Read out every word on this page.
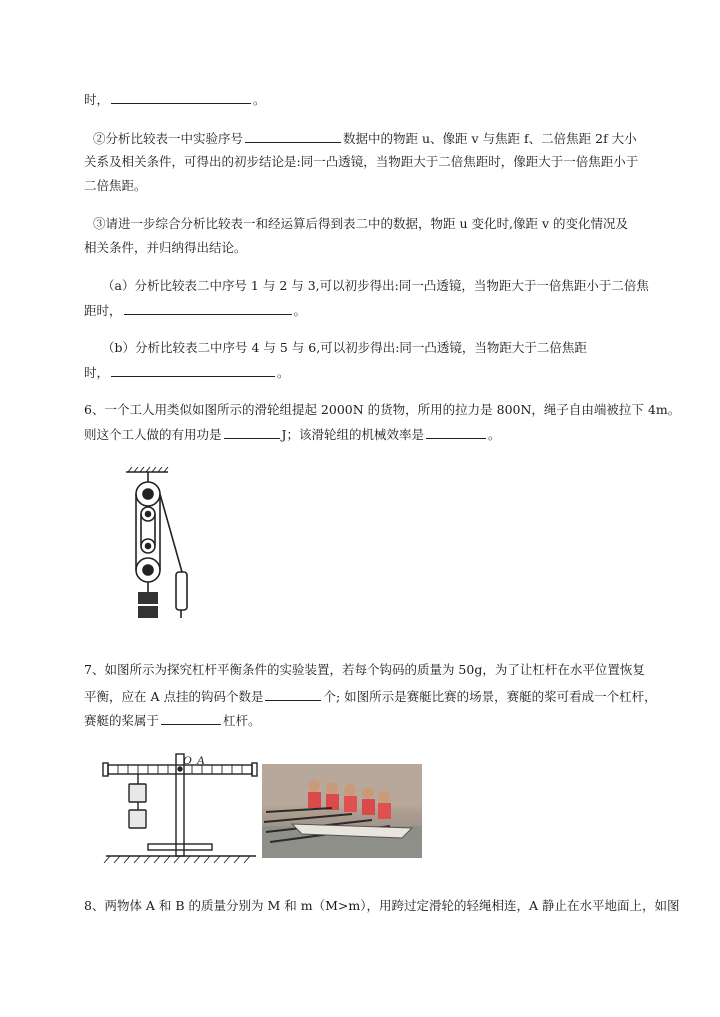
时，	。
②分析比较表一中实验序号	数据中的物距 u、像距 v 与焦距 f、二倍焦距 2f 大小
关系及相关条件，可得出的初步结论是:同一凸透镜，当物距大于二倍焦距时，像距大于一倍焦距小于
二倍焦距。
③请进一步综合分析比较表一和经运算后得到表二中的数据，物距 u 变化时,像距 v 的变化情况及
相关条件，并归纳得出结论。
（a）分析比较表二中序号 1 与 2 与 3,可以初步得出:同一凸透镜，当物距大于一倍焦距小于二倍焦
距时，	。
（b）分析比较表二中序号 4 与 5 与 6,可以初步得出:同一凸透镜，当物距大于二倍焦距
时，	。
6、一个工人用类似如图所示的滑轮组提起 2000N 的货物，所用的拉力是 800N，绳子自由端被拉下 4m。
则这个工人做的有用功是	J；该滑轮组的机械效率是	。
7、如图所示为探究杠杆平衡条件的实验装置，若每个钩码的质量为 50g，为了让杠杆在水平位置恢复
平衡，应在 A 点挂的钩码个数是	个; 如图所示是赛艇比赛的场景，赛艇的桨可看成一个杠杆，
赛艇的桨属于	杠杆。
O A
8、两物体 A 和 B 的质量分别为 M 和 m（M>m），用跨过定滑轮的轻绳相连，A 静止在水平地面上，如图
